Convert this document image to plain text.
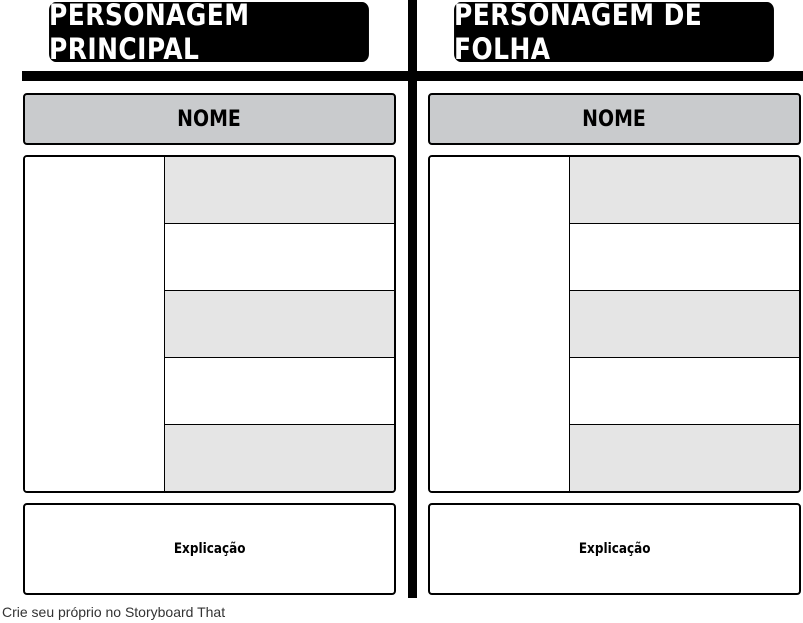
PERSONAGEM PRINCIPAL
NOME
Explicação
PERSONAGEM DE FOLHA
NOME
Explicação
Crie seu próprio no Storyboard That
